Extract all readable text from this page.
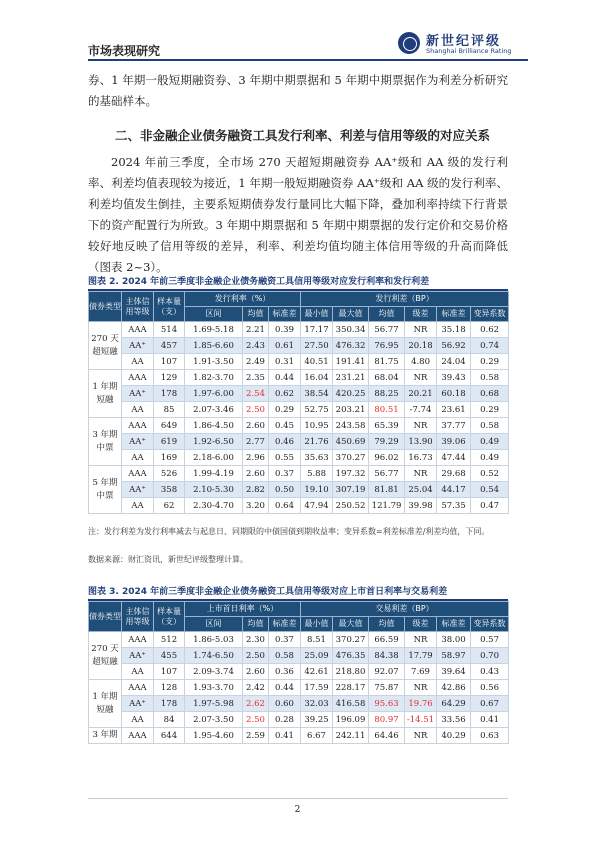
市场表现研究
新世纪评级
Shanghai Brilliance Rating
券、1 年期一般短期融资券、3 年期中期票据和 5 年期中期票据作为利差分析研究的基础样本。
二、非金融企业债务融资工具发行利率、利差与信用等级的对应关系
2024 年前三季度，全市场 270 天超短期融资券 AA⁺级和 AA 级的发行利率、利差均值表现较为接近，1 年期一般短期融资券 AA⁺级和 AA 级的发行利率、利差均值发生倒挂，主要系短期债券发行量同比大幅下降，叠加利率持续下行背景下的资产配置行为所致。3 年期中期票据和 5 年期中期票据的发行定价和交易价格较好地反映了信用等级的差异，利率、利差均值均随主体信用等级的升高而降低（图表 2~3）。
图表 2. 2024 年前三季度非金融企业债务融资工具信用等级对应发行利率和发行利差
债券类型	主体信用等级	样本量（支）	发行利率（%）			发行利差（BP）					
			区间	均值	标准差	最小值	最大值	均值	级差	标准差	变异系数
270 天超短融	AAA	514	1.69-5.18	2.21	0.39	17.17	350.34	56.77	NR	35.18	0.62
	AA⁺	457	1.85-6.60	2.43	0.61	27.50	476.32	76.95	20.18	56.92	0.74
	AA	107	1.91-3.50	2.49	0.31	40.51	191.41	81.75	4.80	24.04	0.29
1 年期短融	AAA	129	1.82-3.70	2.35	0.44	16.04	231.21	68.04	NR	39.43	0.58
	AA⁺	178	1.97-6.00	2.54	0.62	38.54	420.25	88.25	20.21	60.18	0.68
	AA	85	2.07-3.46	2.50	0.29	52.75	203.21	80.51	-7.74	23.61	0.29
3 年期中票	AAA	649	1.86-4.50	2.60	0.45	10.95	243.58	65.39	NR	37.77	0.58
	AA⁺	619	1.92-6.50	2.77	0.46	21.76	450.69	79.29	13.90	39.06	0.49
	AA	169	2.18-6.00	2.96	0.55	35.63	370.27	96.02	16.73	47.44	0.49
5 年期中票	AAA	526	1.99-4.19	2.60	0.37	5.88	197.32	56.77	NR	29.68	0.52
	AA⁺	358	2.10-5.30	2.82	0.50	19.10	307.19	81.81	25.04	44.17	0.54
	AA	62	2.30-4.70	3.20	0.64	47.94	250.52	121.79	39.98	57.35	0.47
注：发行利差为发行利率减去与起息日、同期限的中债国债到期收益率；变异系数=利差标准差/利差均值，下同。
数据来源：财汇资讯，新世纪评级整理计算。
图表 3. 2024 年前三季度非金融企业债务融资工具信用等级对应上市首日利率与交易利差
债券类型	主体信用等级	样本量（支）	上市首日利率（%）			交易利差（BP）					
			区间	均值	标准差	最小值	最大值	均值	级差	标准差	变异系数
270 天超短融	AAA	512	1.86-5.03	2.30	0.37	8.51	370.27	66.59	NR	38.00	0.57
	AA⁺	455	1.74-6.50	2.50	0.58	25.09	476.35	84.38	17.79	58.97	0.70
	AA	107	2.09-3.74	2.60	0.36	42.61	218.80	92.07	7.69	39.64	0.43
1 年期短融	AAA	128	1.93-3.70	2.42	0.44	17.59	228.17	75.87	NR	42.86	0.56
	AA⁺	178	1.97-5.98	2.62	0.60	32.03	416.58	95.63	19.76	64.29	0.67
	AA	84	2.07-3.50	2.50	0.28	39.25	196.09	80.97	-14.51	33.56	0.41
3 年期	AAA	644	1.95-4.60	2.59	0.41	6.67	242.11	64.46	NR	40.29	0.63
2
